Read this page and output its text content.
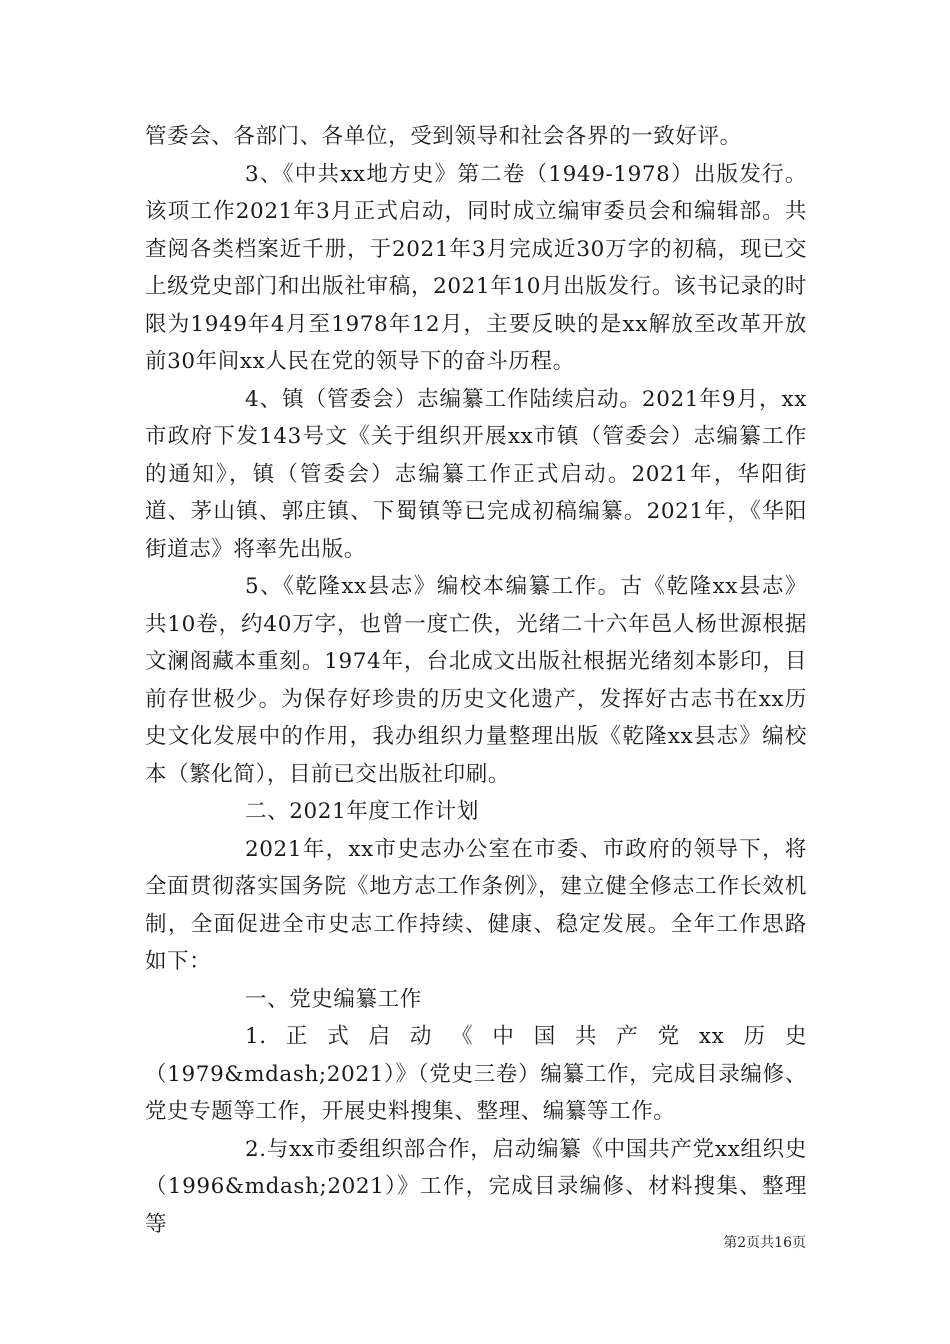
管委会、各部门、各单位，受到领导和社会各界的一致好评。

3、《中共xx地方史》第二卷（1949-1978）出版发行。该项工作2021年3月正式启动，同时成立编审委员会和编辑部。共查阅各类档案近千册，于2021年3月完成近30万字的初稿，现已交上级党史部门和出版社审稿，2021年10月出版发行。该书记录的时限为1949年4月至1978年12月，主要反映的是xx解放至改革开放前30年间xx人民在党的领导下的奋斗历程。

4、镇（管委会）志编纂工作陆续启动。2021年9月，xx市政府下发143号文《关于组织开展xx市镇（管委会）志编纂工作的通知》，镇（管委会）志编纂工作正式启动。2021年，华阳街道、茅山镇、郭庄镇、下蜀镇等已完成初稿编纂。2021年，《华阳街道志》将率先出版。

5、《乾隆xx县志》编校本编纂工作。古《乾隆xx县志》共10卷，约40万字，也曾一度亡佚，光绪二十六年邑人杨世源根据文澜阁藏本重刻。1974年，台北成文出版社根据光绪刻本影印，目前存世极少。为保存好珍贵的历史文化遗产，发挥好古志书在xx历史文化发展中的作用，我办组织力量整理出版《乾隆xx县志》编校本（繁化简），目前已交出版社印刷。

二、2021年度工作计划

2021年，xx市史志办公室在市委、市政府的领导下，将全面贯彻落实国务院《地方志工作条例》，建立健全修志工作长效机制，全面促进全市史志工作持续、健康、稳定发展。全年工作思路如下：

一、党史编纂工作

1.正式启动《中国共产党xx历史（1979&mdash;2021）》（党史三卷）编纂工作，完成目录编修、党史专题等工作，开展史料搜集、整理、编纂等工作。

2.与xx市委组织部合作，启动编纂《中国共产党xx组织史（1996&mdash;2021）》工作，完成目录编修、材料搜集、整理等

第2页共16页
